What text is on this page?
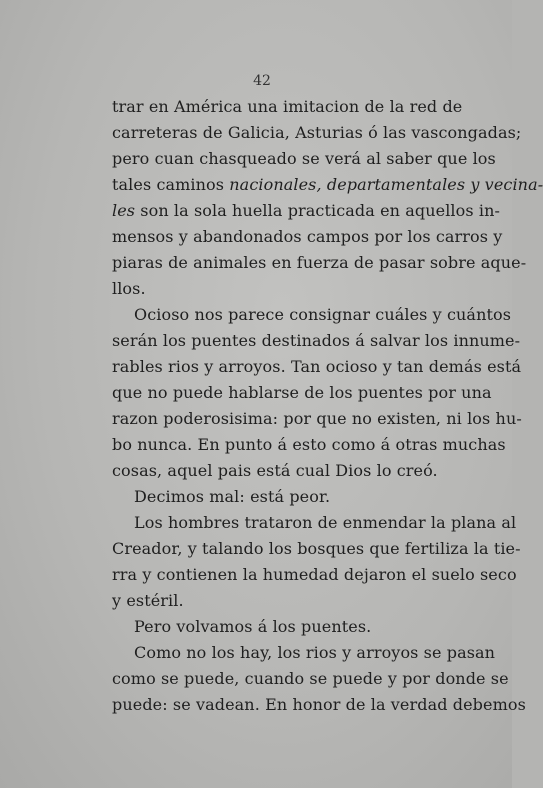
42
trar en América una imitacion de la red de
carreteras de Galicia, Asturias ó las vascongadas;
pero cuan chasqueado se verá al saber que los
tales caminos nacionales, departamentales y vecina-
les son la sola huella practicada en aquellos in-
mensos y abandonados campos por los carros y
piaras de animales en fuerza de pasar sobre aque-
llos.
Ocioso nos parece consignar cuáles y cuántos
serán los puentes destinados á salvar los innume-
rables rios y arroyos. Tan ocioso y tan demás está
que no puede hablarse de los puentes por una
razon poderosisima: por que no existen, ni los hu-
bo nunca. En punto á esto como á otras muchas
cosas, aquel pais está cual Dios lo creó.
Decimos mal: está peor.
Los hombres trataron de enmendar la plana al
Creador, y talando los bosques que fertiliza la tie-
rra y contienen la humedad dejaron el suelo seco
y estéril.
Pero volvamos á los puentes.
Como no los hay, los rios y arroyos se pasan
como se puede, cuando se puede y por donde se
puede: se vadean. En honor de la verdad debemos
